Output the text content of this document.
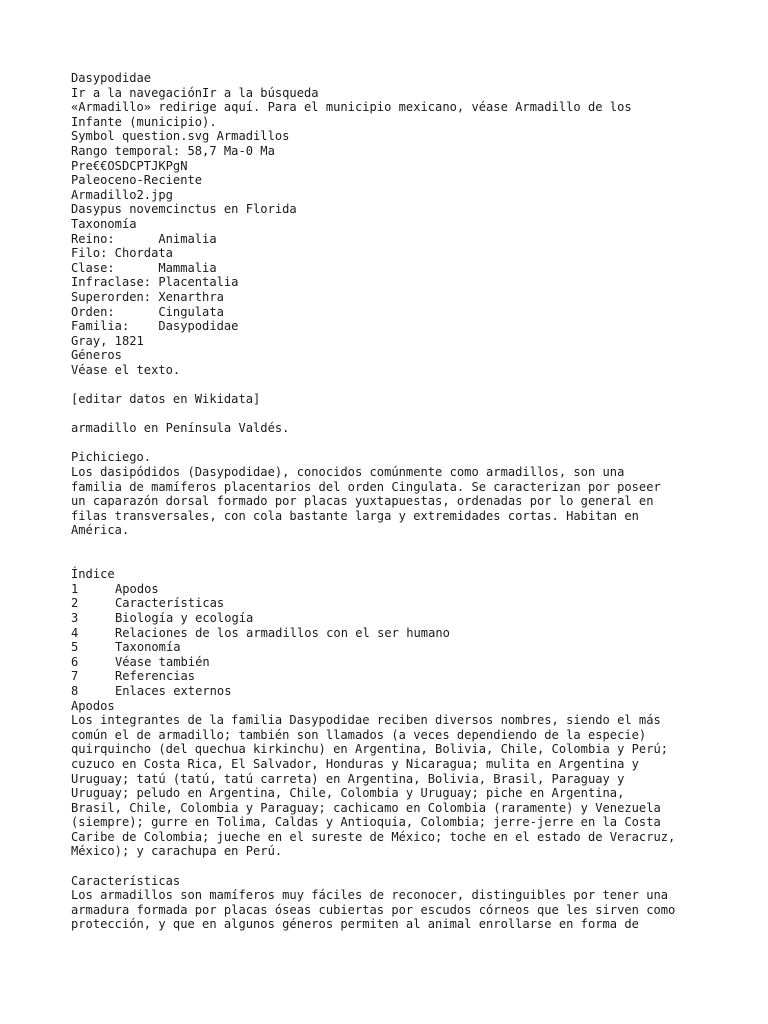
Dasypodidae
Ir a la navegaciónIr a la búsqueda
«Armadillo» redirige aquí. Para el municipio mexicano, véase Armadillo de los
Infante (municipio).
Symbol question.svg Armadillos
Rango temporal: 58,7 Ma-0 Ma
Pre€€OSDCPTJKPgN
Paleoceno-Reciente
Armadillo2.jpg
Dasypus novemcinctus en Florida
Taxonomía
Reino:      Animalia
Filo: Chordata
Clase:      Mammalia
Infraclase: Placentalia
Superorden: Xenarthra
Orden:      Cingulata
Familia:    Dasypodidae
Gray, 1821
Géneros
Véase el texto.
[editar datos en Wikidata]
armadillo en Península Valdés.
Pichiciego.
Los dasipódidos (Dasypodidae), conocidos comúnmente como armadillos, son una
familia de mamíferos placentarios del orden Cingulata. Se caracterizan por poseer
un caparazón dorsal formado por placas yuxtapuestas, ordenadas por lo general en
filas transversales, con cola bastante larga y extremidades cortas. Habitan en
América.
Índice
1	Apodos
2	Características
3	Biología y ecología
4	Relaciones de los armadillos con el ser humano
5	Taxonomía
6	Véase también
7	Referencias
8	Enlaces externos
Apodos
Los integrantes de la familia Dasypodidae reciben diversos nombres, siendo el más
común el de armadillo; también son llamados (a veces dependiendo de la especie)
quirquincho (del quechua kirkinchu) en Argentina, Bolivia, Chile, Colombia y Perú;
cuzuco en Costa Rica, El Salvador, Honduras y Nicaragua; mulita en Argentina y
Uruguay; tatú (tatú, tatú carreta) en Argentina, Bolivia, Brasil, Paraguay y
Uruguay; peludo en Argentina, Chile, Colombia y Uruguay; piche en Argentina,
Brasil, Chile, Colombia y Paraguay; cachicamo en Colombia (raramente) y Venezuela
(siempre); gurre en Tolima, Caldas y Antioquia, Colombia; jerre-jerre en la Costa
Caribe de Colombia; jueche en el sureste de México; toche en el estado de Veracruz,
México); y carachupa en Perú.
Características
Los armadillos son mamíferos muy fáciles de reconocer, distinguibles por tener una
armadura formada por placas óseas cubiertas por escudos córneos que les sirven como
protección, y que en algunos géneros permiten al animal enrollarse en forma de
